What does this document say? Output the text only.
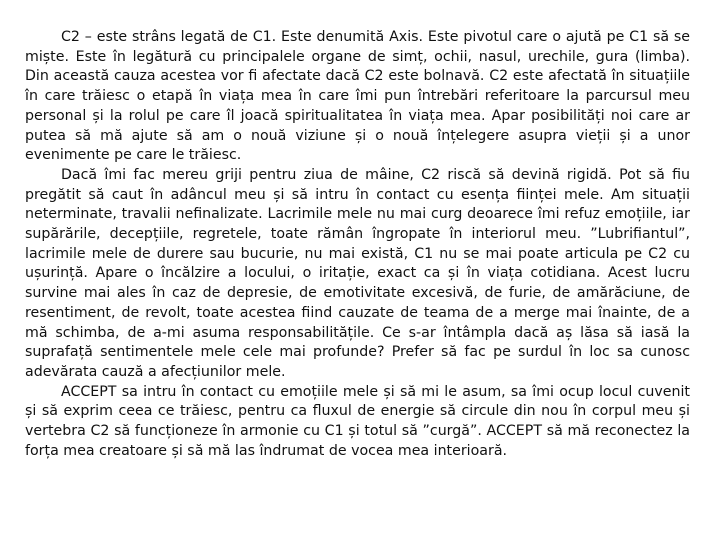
C2 – este strâns legată de C1. Este denumită Axis. Este pivotul care o ajută pe C1 să se miște. Este în legătură cu principalele organe de simț, ochii, nasul, urechile, gura (limba). Din această cauza acestea vor fi afectate dacă C2 este bolnavă. C2 este afectată în situațiile în care trăiesc o etapă în viața mea în care îmi pun întrebări referitoare la parcursul meu personal și la rolul pe care îl joacă spiritualitatea în viața mea. Apar posibilități noi care ar putea să mă ajute să am o nouă viziune și o nouă înțelegere asupra vieții și a unor evenimente pe care le trăiesc.

Dacă îmi fac mereu griji pentru ziua de mâine, C2 riscă să devină rigidă. Pot să fiu pregătit să caut în adâncul meu și să intru în contact cu esența ființei mele. Am situații neterminate, travalii nefinalizate. Lacrimile mele nu mai curg deoarece îmi refuz emoțiile, iar supărările, decepțiile, regretele, toate rămân îngropate în interiorul meu. ”Lubrifiantul”, lacrimile mele de durere sau bucurie, nu mai există, C1 nu se mai poate articula pe C2 cu ușurință. Apare o încălzire a locului, o iritație, exact ca și în viața cotidiana. Acest lucru survine mai ales în caz de depresie, de emotivitate excesivă, de furie, de amărăciune, de resentiment, de revolt, toate acestea fiind cauzate de teama de a merge mai înainte, de a mă schimba, de a-mi asuma responsabilitățile. Ce s-ar întâmpla dacă aș lăsa să iasă la suprafață sentimentele mele cele mai profunde? Prefer să fac pe surdul în loc sa cunosc adevărata cauză a afecțiunilor mele.

ACCEPT sa intru în contact cu emoțiile mele și să mi le asum, sa îmi ocup locul cuvenit și să exprim ceea ce trăiesc, pentru ca fluxul de energie să circule din nou în corpul meu și vertebra C2 să funcționeze în armonie cu C1 și totul să ”curgă”. ACCEPT să mă reconectez la forța mea creatoare și să mă las îndrumat de vocea mea interioară.
